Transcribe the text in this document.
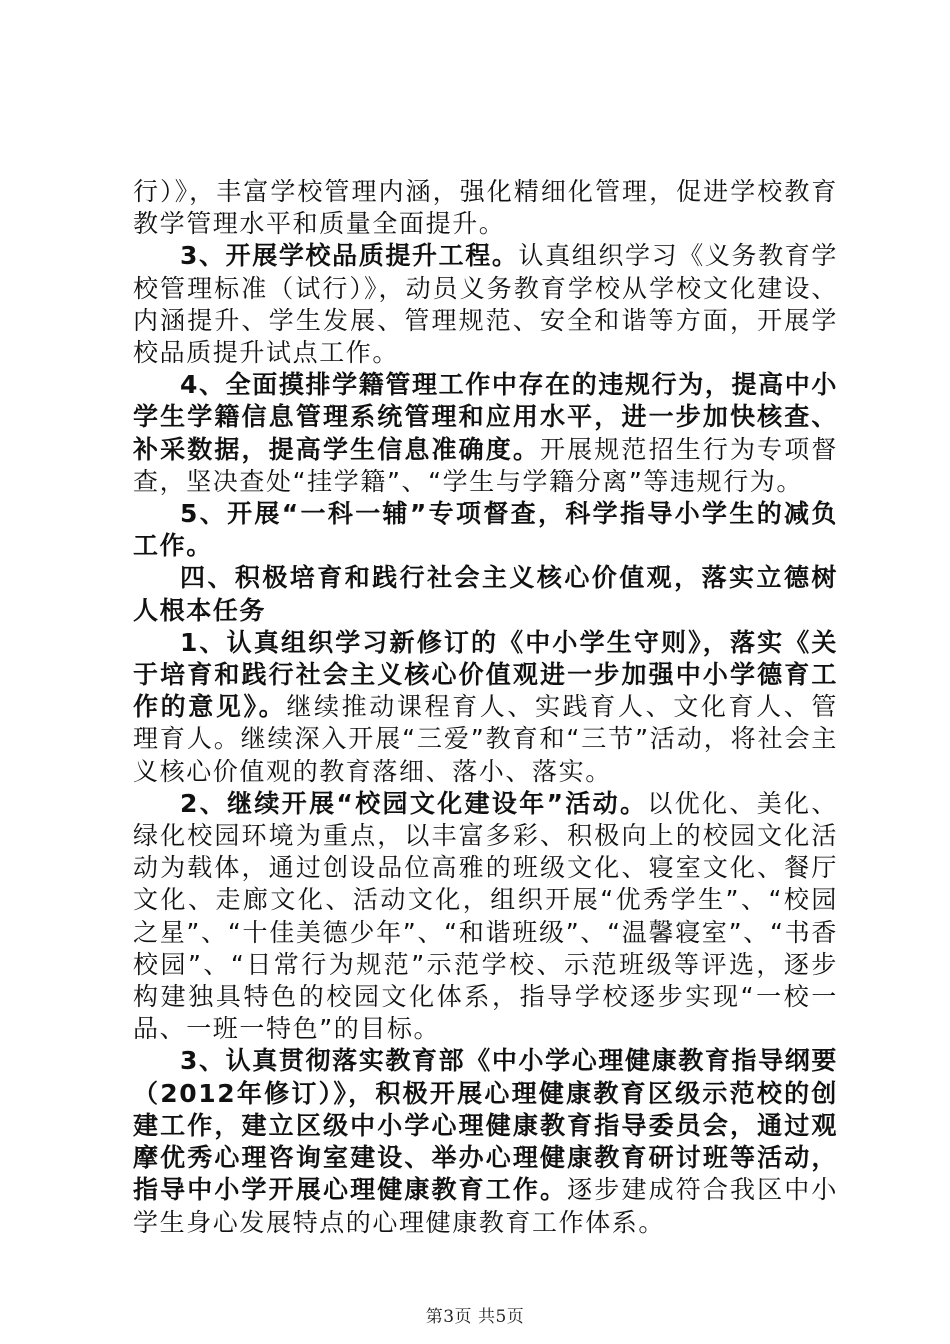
行）》，丰富学校管理内涵，强化精细化管理，促进学校教育教学管理水平和质量全面提升。

3、开展学校品质提升工程。认真组织学习《义务教育学校管理标准（试行）》，动员义务教育学校从学校文化建设、内涵提升、学生发展、管理规范、安全和谐等方面，开展学校品质提升试点工作。

4、全面摸排学籍管理工作中存在的违规行为，提高中小学生学籍信息管理系统管理和应用水平，进一步加快核查、补采数据，提高学生信息准确度。开展规范招生行为专项督查，坚决查处“挂学籍”、“学生与学籍分离”等违规行为。

5、开展“一科一辅”专项督查，科学指导小学生的减负工作。

四、积极培育和践行社会主义核心价值观，落实立德树人根本任务

1、认真组织学习新修订的《中小学生守则》，落实《关于培育和践行社会主义核心价值观进一步加强中小学德育工作的意见》。继续推动课程育人、实践育人、文化育人、管理育人。继续深入开展“三爱”教育和“三节”活动，将社会主义核心价值观的教育落细、落小、落实。

2、继续开展“校园文化建设年”活动。以优化、美化、绿化校园环境为重点，以丰富多彩、积极向上的校园文化活动为载体，通过创设品位高雅的班级文化、寝室文化、餐厅文化、走廊文化、活动文化，组织开展“优秀学生”、“校园之星”、“十佳美德少年”、“和谐班级”、“温馨寝室”、“书香校园”、“日常行为规范”示范学校、示范班级等评选，逐步构建独具特色的校园文化体系，指导学校逐步实现“一校一品、一班一特色”的目标。

3、认真贯彻落实教育部《中小学心理健康教育指导纲要（2012年修订）》，积极开展心理健康教育区级示范校的创建工作，建立区级中小学心理健康教育指导委员会，通过观摩优秀心理咨询室建设、举办心理健康教育研讨班等活动，指导中小学开展心理健康教育工作。逐步建成符合我区中小学生身心发展特点的心理健康教育工作体系。

第3页 共5页
